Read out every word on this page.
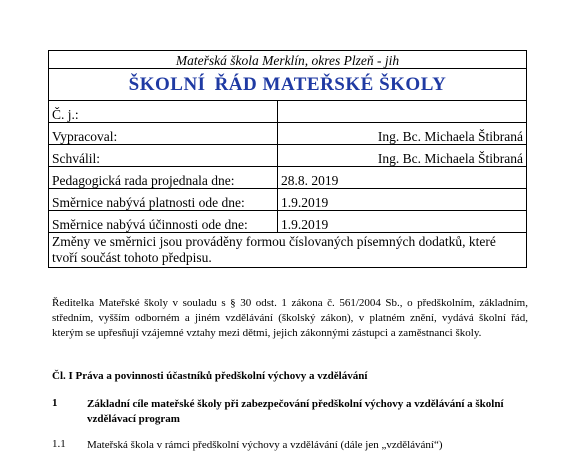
Mateřská škola Merklín, okres Plzeň - jih	
ŠKOLNÍ ŘÁD MATEŘSKÉ ŠKOLY	
Č. j.:	
Vypracoval:	Ing. Bc. Michaela Štibraná
Schválil:	Ing. Bc. Michaela Štibraná
Pedagogická rada projednala dne:	28.8. 2019
Směrnice nabývá platnosti ode dne:	1.9.2019
Směrnice nabývá účinnosti ode dne:	1.9.2019
Změny ve směrnici jsou prováděny formou číslovaných písemných dodatků, které tvoří součást tohoto předpisu.	
Ředitelka Mateřské školy v souladu s § 30 odst. 1 zákona č. 561/2004 Sb., o předškolním, základním, středním, vyšším odborném a jiném vzdělávání (školský zákon), v platném znění, vydává školní řád, kterým se upřesňují vzájemné vztahy mezi dětmi, jejich zákonnými zástupci a zaměstnanci školy.
Čl. I Práva a povinnosti účastníků předškolní výchovy a vzdělávání
1	Základní cíle mateřské školy při zabezpečování předškolní výchovy a vzdělávání a školní vzdělávací program
1.1 Mateřská škola v rámci předškolní výchovy a vzdělávání (dále jen „vzdělávání“)
